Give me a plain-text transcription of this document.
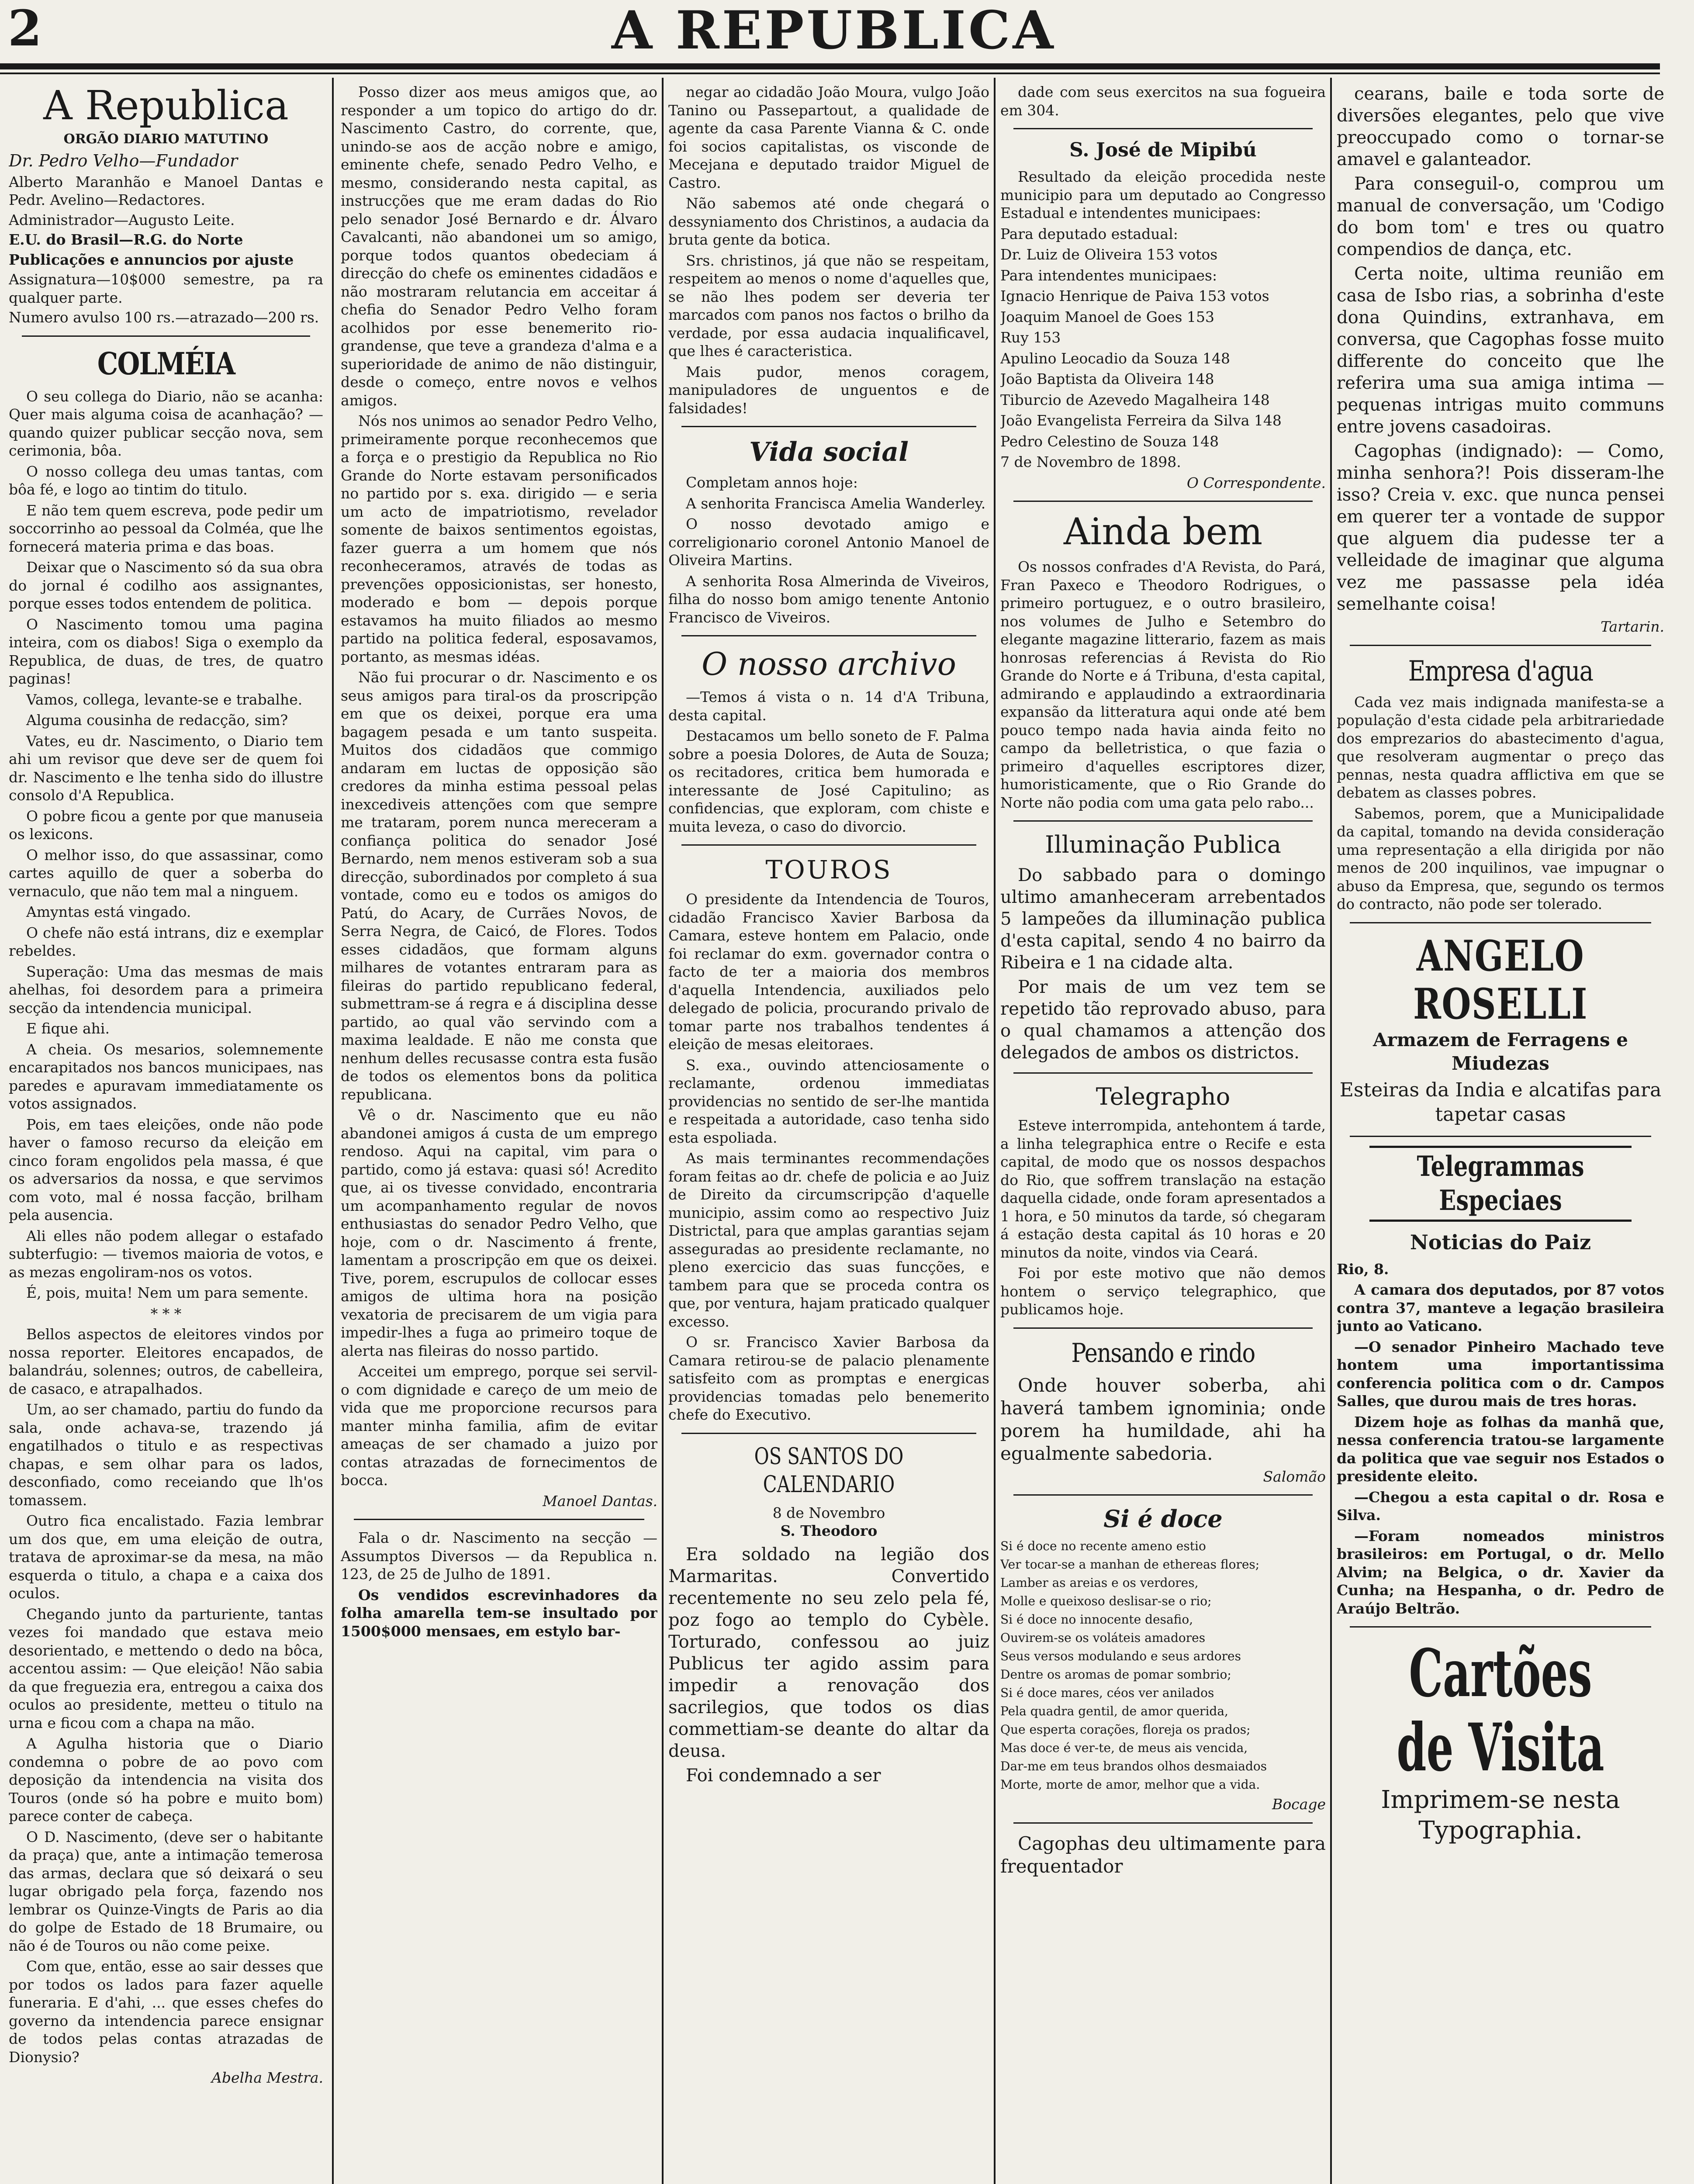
2	A REPUBLICA

A Republica

ORGÃO DIARIO MATUTINO

Dr. Pedro Velho—Fundador

Alberto Maranhão e Manoel Dantas e Pedr. Avelino—Redactores.

Administrador—Augusto Leite.

E.U. do Brasil—R.G. do Norte

Publicações e annuncios por ajuste

Assignatura—10$000 semestre, pa ra qualquer parte.

Numero avulso 100 rs.—atrazado—200 rs.

COLMÉIA

O seu collega do Diario, não se acanha: Quer mais alguma coisa de acanhação? — quando quizer publicar secção nova, sem cerimonia, bôa.

O nosso collega deu umas tantas, com bôa fé, e logo ao tintim do titulo.

E não tem quem escreva, pode pedir um soccorrinho ao pessoal da Colméa, que lhe fornecerá materia prima e das boas.

Deixar que o Nascimento só da sua obra do jornal é codilho aos assignantes, porque esses todos entendem de politica.

O Nascimento tomou uma pagina inteira, com os diabos! Siga o exemplo da Republica, de duas, de tres, de quatro paginas!

Vamos, collega, levante-se e trabalhe.

Alguma cousinha de redacção, sim?

Vates, eu dr. Nascimento, o Diario tem ahi um revisor que deve ser de quem foi dr. Nascimento e lhe tenha sido do illustre consolo d'A Republica.

O pobre ficou a gente por que manuseia os lexicons.

O melhor isso, do que assassinar, como cartes aquillo de quer a soberba do vernaculo, que não tem mal a ninguem.

Amyntas está vingado.

O chefe não está intrans, diz e exemplar rebeldes.

Superação: Uma das mesmas de mais ahelhas, foi desordem para a primeira secção da intendencia municipal.

E fique ahi.

A cheia. Os mesarios, solemnemente encarapitados nos bancos municipaes, nas paredes e apuravam immediatamente os votos assignados.

Pois, em taes eleições, onde não pode haver o famoso recurso da eleição em cinco foram engolidos pela massa, é que os adversarios da nossa, e que servimos com voto, mal é nossa facção, brilham pela ausencia.

Ali elles não podem allegar o estafado subterfugio: — tivemos maioria de votos, e as mezas engoliram-nos os votos.

É, pois, muita! Nem um para semente.

* * *

Bellos aspectos de eleitores vindos por nossa reporter. Eleitores encapados, de balandráu, solennes; outros, de cabelleira, de casaco, e atrapalhados.

Um, ao ser chamado, partiu do fundo da sala, onde achava-se, trazendo já engatilhados o titulo e as respectivas chapas, e sem olhar para os lados, desconfiado, como receiando que lh'os tomassem.

Outro fica encalistado. Fazia lembrar um dos que, em uma eleição de outra, tratava de aproximar-se da mesa, na mão esquerda o titulo, a chapa e a caixa dos oculos.

Chegando junto da parturiente, tantas vezes foi mandado que estava meio desorientado, e mettendo o dedo na bôca, accentou assim: — Que eleição! Não sabia da que freguezia era, entregou a caixa dos oculos ao presidente, metteu o titulo na urna e ficou com a chapa na mão.

A Agulha historia que o Diario condemna o pobre de ao povo com deposição da intendencia na visita dos Touros (onde só ha pobre e muito bom) parece conter de cabeça.

O D. Nascimento, (deve ser o habitante da praça) que, ante a intimação temerosa das armas, declara que só deixará o seu lugar obrigado pela força, fazendo nos lembrar os Quinze-Vingts de Paris ao dia do golpe de Estado de 18 Brumaire, ou não é de Touros ou não come peixe.

Com que, então, esse ao sair desses que por todos os lados para fazer aquelle funeraria. E d'ahi, ... que esses chefes do governo da intendencia parece ensignar de todos pelas contas atrazadas de Dionysio?

Abelha Mestra.

Posso dizer aos meus amigos que, ao responder a um topico do artigo do dr. Nascimento Castro, do corrente, que, unindo-se aos de acção nobre e amigo, eminente chefe, senado Pedro Velho, e mesmo, considerando nesta capital, as instrucções que me eram dadas do Rio pelo senador José Bernardo e dr. Álvaro Cavalcanti, não abandonei um so amigo, porque todos quantos obedeciam á direcção do chefe os eminentes cidadãos e não mostraram relutancia em acceitar á chefia do Senador Pedro Velho foram acolhidos por esse benemerito rio-grandense, que teve a grandeza d'alma e a superioridade de animo de não distinguir, desde o começo, entre novos e velhos amigos.

Nós nos unimos ao senador Pedro Velho, primeiramente porque reconhecemos que a força e o prestigio da Republica no Rio Grande do Norte estavam personificados no partido por s. exa. dirigido — e seria um acto de impatriotismo, revelador somente de baixos sentimentos egoistas, fazer guerra a um homem que nós reconheceramos, através de todas as prevenções opposicionistas, ser honesto, moderado e bom — depois porque estavamos ha muito filiados ao mesmo partido na politica federal, esposavamos, portanto, as mesmas idéas.

Não fui procurar o dr. Nascimento e os seus amigos para tiral-os da proscripção em que os deixei, porque era uma bagagem pesada e um tanto suspeita. Muitos dos cidadãos que commigo andaram em luctas de opposição são credores da minha estima pessoal pelas inexcediveis attenções com que sempre me trataram, porem nunca mereceram a confiança politica do senador José Bernardo, nem menos estiveram sob a sua direcção, subordinados por completo á sua vontade, como eu e todos os amigos do Patú, do Acary, de Currães Novos, de Serra Negra, de Caicó, de Flores. Todos esses cidadãos, que formam alguns milhares de votantes entraram para as fileiras do partido republicano federal, submettram-se á regra e á disciplina desse partido, ao qual vão servindo com a maxima lealdade. E não me consta que nenhum delles recusasse contra esta fusão de todos os elementos bons da politica republicana.

Vê o dr. Nascimento que eu não abandonei amigos á custa de um emprego rendoso. Aqui na capital, vim para o partido, como já estava: quasi só! Acredito que, ai os tivesse convidado, encontraria um acompanhamento regular de novos enthusiastas do senador Pedro Velho, que hoje, com o dr. Nascimento á frente, lamentam a proscripção em que os deixei. Tive, porem, escrupulos de collocar esses amigos de ultima hora na posição vexatoria de precisarem de um vigia para impedir-lhes a fuga ao primeiro toque de alerta nas fileiras do nosso partido.

Acceitei um emprego, porque sei servil-o com dignidade e careço de um meio de vida que me proporcione recursos para manter minha familia, afim de evitar ameaças de ser chamado a juizo por contas atrazadas de fornecimentos de bocca.

Manoel Dantas.

Fala o dr. Nascimento na secção — Assumptos Diversos — da Republica n. 123, de 25 de Julho de 1891.

Os vendidos escrevinhadores da folha amarella tem-se insultado por 1500$000 mensaes, em estylo bar-

negar ao cidadão João Moura, vulgo João Tanino ou Passepartout, a qualidade de agente da casa Parente Vianna & C. onde foi socios capitalistas, os visconde de Mecejana e deputado traidor Miguel de Castro.

Não sabemos até onde chegará o dessyniamento dos Christinos, a audacia da bruta gente da botica.

Srs. christinos, já que não se respeitam, respeitem ao menos o nome d'aquelles que, se não lhes podem ser deveria ter marcados com panos nos factos o brilho da verdade, por essa audacia inqualificavel, que lhes é caracteristica.

Mais pudor, menos coragem, manipuladores de unguentos e de falsidades!

Vida social

Completam annos hoje:

A senhorita Francisca Amelia Wanderley.

O nosso devotado amigo e correligionario coronel Antonio Manoel de Oliveira Martins.

A senhorita Rosa Almerinda de Viveiros, filha do nosso bom amigo tenente Antonio Francisco de Viveiros.

O nosso archivo

—Temos á vista o n. 14 d'A Tribuna, desta capital.

Destacamos um bello soneto de F. Palma sobre a poesia Dolores, de Auta de Souza; os recitadores, critica bem humorada e interessante de José Capitulino; as confidencias, que exploram, com chiste e muita leveza, o caso do divorcio.

TOUROS

O presidente da Intendencia de Touros, cidadão Francisco Xavier Barbosa da Camara, esteve hontem em Palacio, onde foi reclamar do exm. governador contra o facto de ter a maioria dos membros d'aquella Intendencia, auxiliados pelo delegado de policia, procurando privalo de tomar parte nos trabalhos tendentes á eleição de mesas eleitoraes.

S. exa., ouvindo attenciosamente o reclamante, ordenou immediatas providencias no sentido de ser-lhe mantida e respeitada a autoridade, caso tenha sido esta espoliada.

As mais terminantes recommendações foram feitas ao dr. chefe de policia e ao Juiz de Direito da circumscripção d'aquelle municipio, assim como ao respectivo Juiz Districtal, para que amplas garantias sejam asseguradas ao presidente reclamante, no pleno exercicio das suas funcções, e tambem para que se proceda contra os que, por ventura, hajam praticado qualquer excesso.

O sr. Francisco Xavier Barbosa da Camara retirou-se de palacio plenamente satisfeito com as promptas e energicas providencias tomadas pelo benemerito chefe do Executivo.

OS SANTOS DO CALENDARIO

8 de Novembro

S. Theodoro

Era soldado na legião dos Marmaritas. Convertido recentemente no seu zelo pela fé, poz fogo ao templo do Cybèle. Torturado, confessou ao juiz Publicus ter agido assim para impedir a renovação dos sacrilegios, que todos os dias commettiam-se deante do altar da deusa.

Foi condemnado a ser

dade com seus exercitos na sua fogueira em 304.

S. José de Mipibú

Resultado da eleição procedida neste municipio para um deputado ao Congresso Estadual e intendentes municipaes:

Para deputado estadual:

Dr. Luiz de Oliveira 153 votos

Para intendentes municipaes:

Ignacio Henrique de Paiva 153 votos

Joaquim Manoel de Goes 153

Ruy 153

Apulino Leocadio da Souza 148

João Baptista da Oliveira 148

Tiburcio de Azevedo Magalheira 148

João Evangelista Ferreira da Silva 148

Pedro Celestino de Souza 148

7 de Novembro de 1898.

O Correspondente.

Ainda bem

Os nossos confrades d'A Revista, do Pará, Fran Paxeco e Theodoro Rodrigues, o primeiro portuguez, e o outro brasileiro, nos volumes de Julho e Setembro do elegante magazine litterario, fazem as mais honrosas referencias á Revista do Rio Grande do Norte e á Tribuna, d'esta capital, admirando e applaudindo a extraordinaria expansão da litteratura aqui onde até bem pouco tempo nada havia ainda feito no campo da belletristica, o que fazia o primeiro d'aquelles escriptores dizer, humoristicamente, que o Rio Grande do Norte não podia com uma gata pelo rabo...

Illuminação Publica

Do sabbado para o domingo ultimo amanheceram arrebentados 5 lampeões da illuminação publica d'esta capital, sendo 4 no bairro da Ribeira e 1 na cidade alta.

Por mais de um vez tem se repetido tão reprovado abuso, para o qual chamamos a attenção dos delegados de ambos os districtos.

Telegrapho

Esteve interrompida, antehontem á tarde, a linha telegraphica entre o Recife e esta capital, de modo que os nossos despachos do Rio, que soffrem translação na estação daquella cidade, onde foram apresentados a 1 hora, e 50 minutos da tarde, só chegaram á estação desta capital ás 10 horas e 20 minutos da noite, vindos via Ceará.

Foi por este motivo que não demos hontem o serviço telegraphico, que publicamos hoje.

Pensando e rindo

Onde houver soberba, ahi haverá tambem ignominia; onde porem ha humildade, ahi ha egualmente sabedoria.

Salomão

Si é doce

Si é doce no recente ameno estio

Ver tocar-se a manhan de ethereas flores;

Lamber as areias e os verdores,

Molle e queixoso deslisar-se o rio;

Si é doce no innocente desafio,

Ouvirem-se os voláteis amadores

Seus versos modulando e seus ardores

Dentre os aromas de pomar sombrio;

Si é doce mares, céos ver anilados

Pela quadra gentil, de amor querida,

Que esperta corações, floreja os prados;

Mas doce é ver-te, de meus ais vencida,

Dar-me em teus brandos olhos desmaiados

Morte, morte de amor, melhor que a vida.

Bocage

Cagophas deu ultimamente para frequentador

cearans, baile e toda sorte de diversões elegantes, pelo que vive preoccupado como o tornar-se amavel e galanteador.

Para conseguil-o, comprou um manual de conversação, um 'Codigo do bom tom' e tres ou quatro compendios de dança, etc.

Certa noite, ultima reunião em casa de Isbo rias, a sobrinha d'este dona Quindins, extranhava, em conversa, que Cagophas fosse muito differente do conceito que lhe referira uma sua amiga intima — pequenas intrigas muito communs entre jovens casadoiras.

Cagophas (indignado): — Como, minha senhora?! Pois disseram-lhe isso? Creia v. exc. que nunca pensei em querer ter a vontade de suppor que alguem dia pudesse ter a velleidade de imaginar que alguma vez me passasse pela idéa semelhante coisa!

Tartarin.

Empresa d'agua

Cada vez mais indignada manifesta-se a população d'esta cidade pela arbitrariedade dos emprezarios do abastecimento d'agua, que resolveram augmentar o preço das pennas, nesta quadra afflictiva em que se debatem as classes pobres.

Sabemos, porem, que a Municipalidade da capital, tomando na devida consideração uma representação a ella dirigida por não menos de 200 inquilinos, vae impugnar o abuso da Empresa, que, segundo os termos do contracto, não pode ser tolerado.

ANGELO ROSELLI

Armazem de Ferragens e Miudezas

Esteiras da India e alcatifas para tapetar casas

Telegrammas Especiaes

Noticias do Paiz

Rio, 8.

A camara dos deputados, por 87 votos contra 37, manteve a legação brasileira junto ao Vaticano.

—O senador Pinheiro Machado teve hontem uma importantissima conferencia politica com o dr. Campos Salles, que durou mais de tres horas.

Dizem hoje as folhas da manhã que, nessa conferencia tratou-se largamente da politica que vae seguir nos Estados o presidente eleito.

—Chegou a esta capital o dr. Rosa e Silva.

—Foram nomeados ministros brasileiros: em Portugal, o dr. Mello Alvim; na Belgica, o dr. Xavier da Cunha; na Hespanha, o dr. Pedro de Araújo Beltrão.

Cartões de Visita
Imprimem-se nesta
Typographia.
